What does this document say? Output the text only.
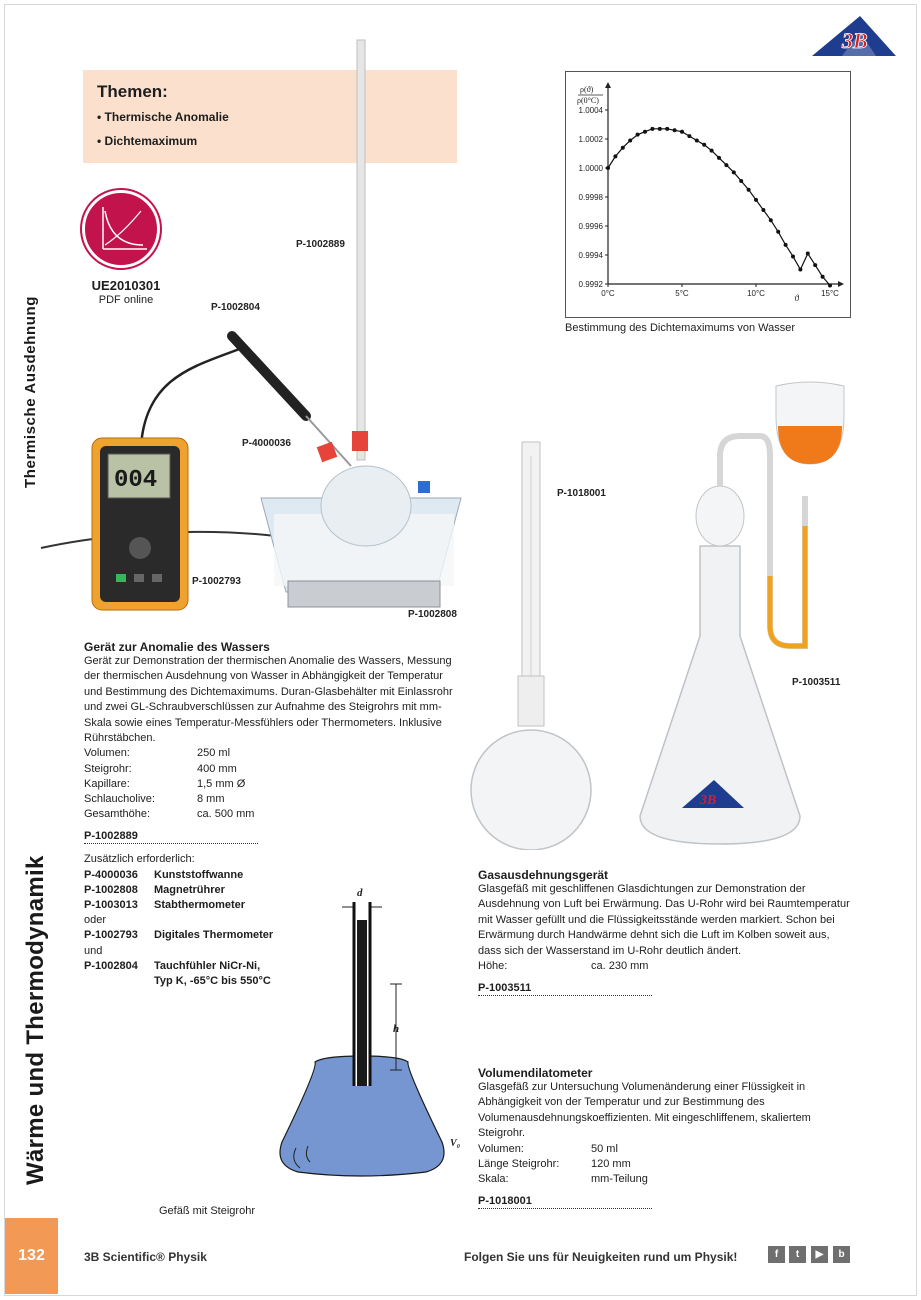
3B
Thermische Ausdehnung
Wärme und Thermodynamik
Themen:
• Thermische Anomalie
• Dichtemaximum
UE2010301
PDF online
004
P-1002889
P-1002804
P-4000036
P-1002793
P-1002808
ρ(ϑ)
ρ(0°C)
0.9992
0.9994
0.9996
0.9998
1.0000
1.0002
1.0004
0°C	5°C	10°C	15°C
ϑ
Bestimmung des Dichtemaximums von Wasser
3B
P-1018001
P-1003511
Gerät zur Anomalie des Wassers
Gerät zur Demonstration der thermischen Anomalie des Wassers, Messung der thermischen Ausdehnung von Wasser in Abhängigkeit der Temperatur und Bestimmung des Dichtemaximums. Duran-Glasbehälter mit Einlassrohr und zwei GL-Schraubverschlüssen zur Aufnahme des Steigrohrs mit mm-Skala sowie eines Temperatur-Messfühlers oder Thermometers. Inklusive Rührstäbchen.
Volumen:	250 ml
Steigrohr:	400 mm
Kapillare:	1,5 mm Ø
Schlaucholive:	8 mm
Gesamthöhe:	ca. 500 mm
P-1002889
Zusätzlich erforderlich:
P-4000036	Kunststoffwanne
P-1002808	Magnetrührer
P-1003013	Stabthermometer
oder
P-1002793	Digitales Thermometer
und
P-1002804	Tauchfühler NiCr-Ni,
Typ K, -65°C bis 550°C
d
h
V₀
Gefäß mit Steigrohr
Gasausdehnungsgerät
Glasgefäß mit geschliffenen Glasdichtungen zur Demonstration der Ausdehnung von Luft bei Erwärmung. Das U-Rohr wird bei Raumtemperatur mit Wasser gefüllt und die Flüssigkeitsstände werden markiert. Schon bei Erwärmung durch Handwärme dehnt sich die Luft im Kolben soweit aus, dass sich der Wasserstand im U-Rohr deutlich ändert.
Höhe:	ca. 230 mm
P-1003511
Volumendilatometer
Glasgefäß zur Untersuchung Volumenänderung einer Flüssigkeit in Abhängigkeit von der Temperatur und zur Bestimmung des Volumenausdehnungskoeffizienten. Mit eingeschliffenem, skaliertem Steigrohr.
Volumen:	50 ml
Länge Steigrohr:	120 mm
Skala:	mm-Teilung
P-1018001
132	3B Scientific® Physik	Folgen Sie uns für Neuigkeiten rund um Physik!	f	t	▶	b
